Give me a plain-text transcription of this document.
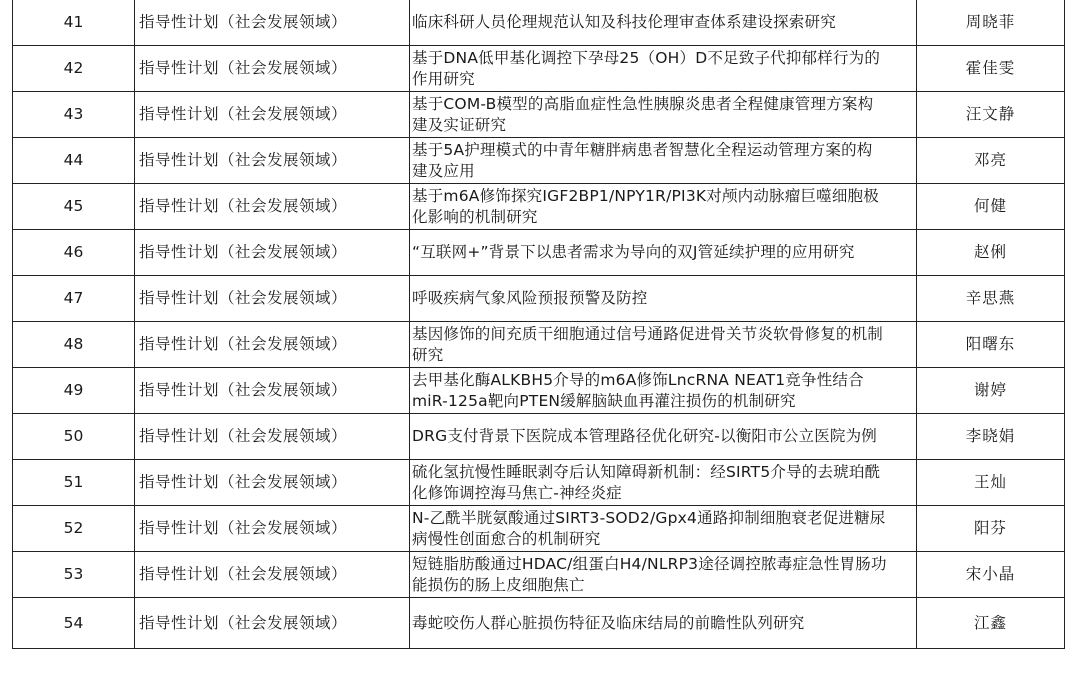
41	指导性计划（社会发展领域）	临床科研人员伦理规范认知及科技伦理审查体系建设探索研究	周晓菲
42	指导性计划（社会发展领域）	基于DNA低甲基化调控下孕母25（OH）D不足致子代抑郁样行为的作用研究	霍佳雯
43	指导性计划（社会发展领域）	基于COM-B模型的高脂血症性急性胰腺炎患者全程健康管理方案构建及实证研究	汪文静
44	指导性计划（社会发展领域）	基于5A护理模式的中青年糖胖病患者智慧化全程运动管理方案的构建及应用	邓亮
45	指导性计划（社会发展领域）	基于m6A修饰探究IGF2BP1/NPY1R/PI3K对颅内动脉瘤巨噬细胞极化影响的机制研究	何健
46	指导性计划（社会发展领域）	“互联网+”背景下以患者需求为导向的双J管延续护理的应用研究	赵俐
47	指导性计划（社会发展领域）	呼吸疾病气象风险预报预警及防控	辛思燕
48	指导性计划（社会发展领域）	基因修饰的间充质干细胞通过信号通路促进骨关节炎软骨修复的机制研究	阳曙东
49	指导性计划（社会发展领域）	去甲基化酶ALKBH5介导的m6A修饰LncRNA NEAT1竞争性结合miR-125a靶向PTEN缓解脑缺血再灌注损伤的机制研究	谢婷
50	指导性计划（社会发展领域）	DRG支付背景下医院成本管理路径优化研究-以衡阳市公立医院为例	李晓娟
51	指导性计划（社会发展领域）	硫化氢抗慢性睡眠剥夺后认知障碍新机制：经SIRT5介导的去琥珀酰化修饰调控海马焦亡-神经炎症	王灿
52	指导性计划（社会发展领域）	N-乙酰半胱氨酸通过SIRT3-SOD2/Gpx4通路抑制细胞衰老促进糖尿病慢性创面愈合的机制研究	阳芬
53	指导性计划（社会发展领域）	短链脂肪酸通过HDAC/组蛋白H4/NLRP3途径调控脓毒症急性胃肠功能损伤的肠上皮细胞焦亡	宋小晶
54	指导性计划（社会发展领域）	毒蛇咬伤人群心脏损伤特征及临床结局的前瞻性队列研究	江鑫
